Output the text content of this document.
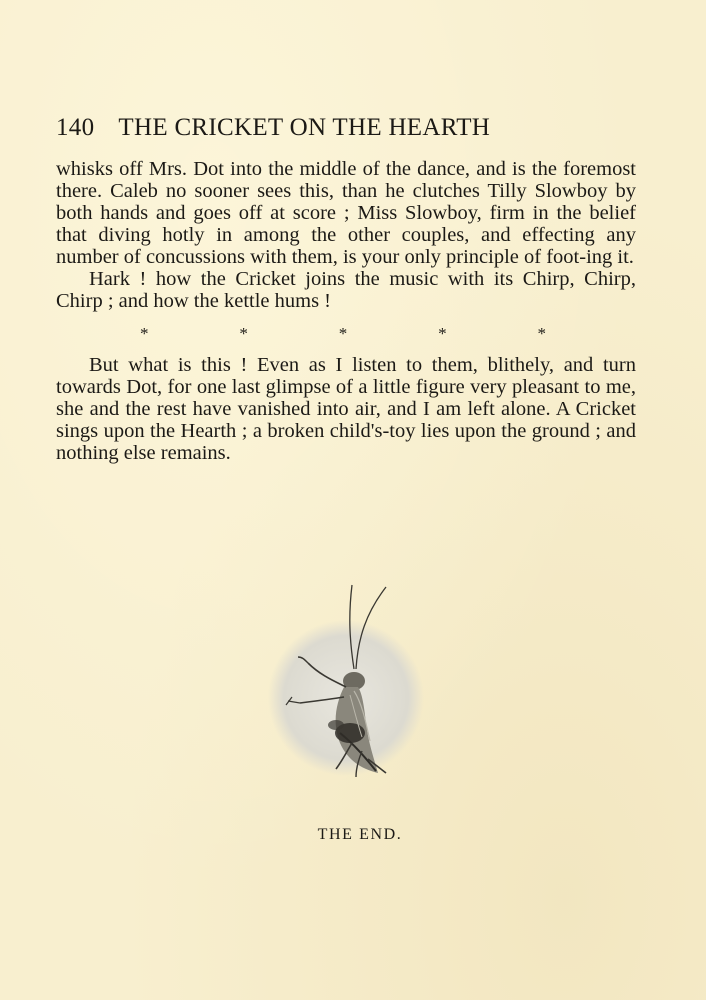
140 THE CRICKET ON THE HEARTH

whisks off Mrs. Dot into the middle of the dance, and is the foremost there. Caleb no sooner sees this, than he clutches Tilly Slowboy by both hands and goes off at score ; Miss Slowboy, firm in the belief that diving hotly in among the other couples, and effecting any number of concussions with them, is your only principle of foot-ing it.

Hark ! how the Cricket joins the music with its Chirp, Chirp, Chirp ; and how the kettle hums !

*	*	*	*	*

But what is this ! Even as I listen to them, blithely, and turn towards Dot, for one last glimpse of a little figure very pleasant to me, she and the rest have vanished into air, and I am left alone. A Cricket sings upon the Hearth ; a broken child's-toy lies upon the ground ; and nothing else remains.

THE END.
